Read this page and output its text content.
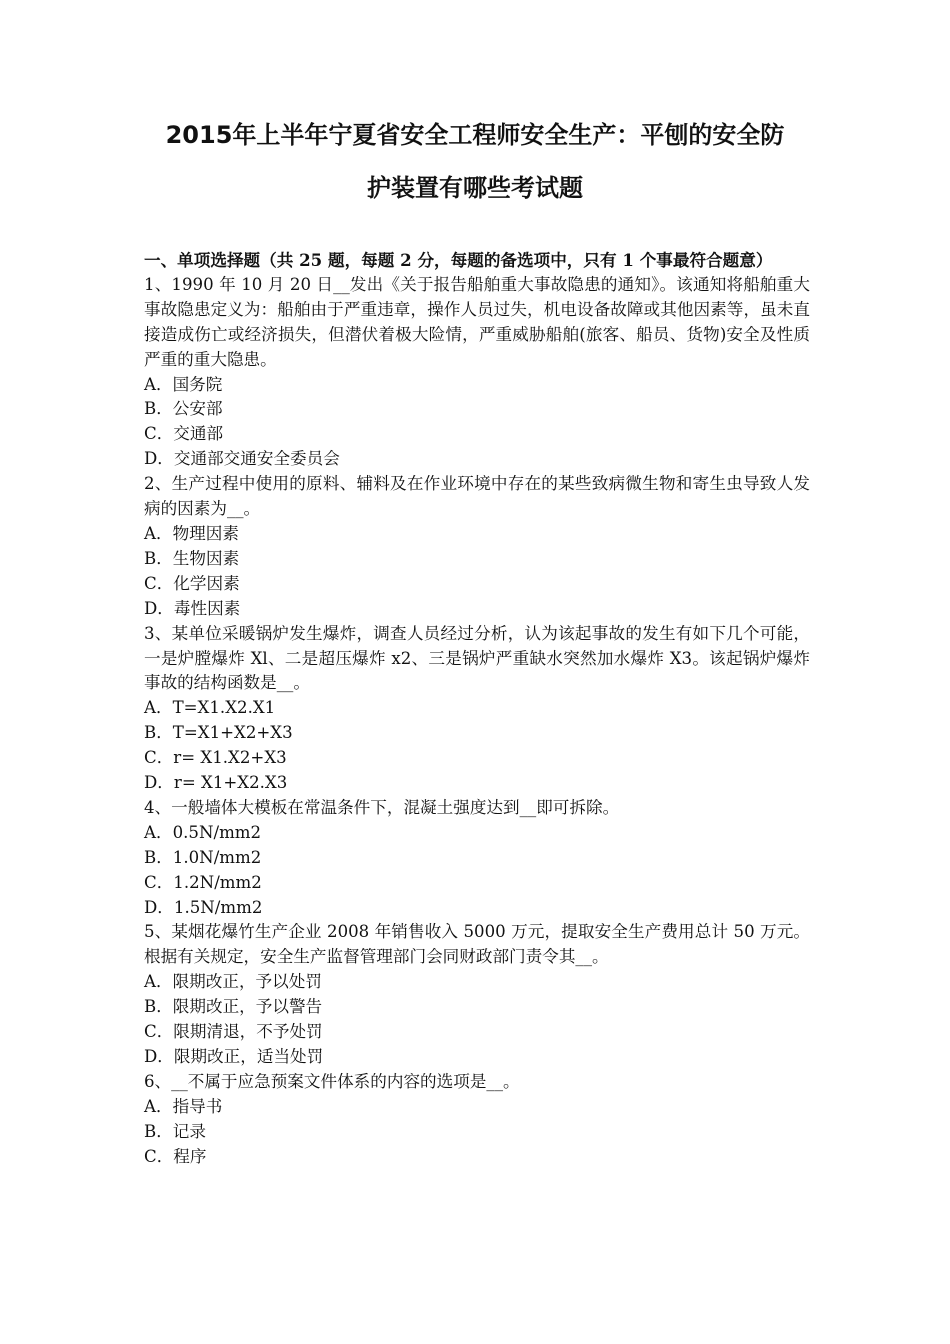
2015年上半年宁夏省安全工程师安全生产：平刨的安全防
护装置有哪些考试题

一、单项选择题（共 25 题，每题 2 分，每题的备选项中，只有 1 个事最符合题意）

1、1990 年 10 月 20 日__发出《关于报告船舶重大事故隐患的通知》。该通知将船舶重大事故隐患定义为：船舶由于严重违章，操作人员过失，机电设备故障或其他因素等，虽未直接造成伤亡或经济损失，但潜伏着极大险情，严重威胁船舶(旅客、船员、货物)安全及性质严重的重大隐患。

A．国务院

B．公安部

C．交通部

D．交通部交通安全委员会

2、生产过程中使用的原料、辅料及在作业环境中存在的某些致病微生物和寄生虫导致人发病的因素为__。

A．物理因素

B．生物因素

C．化学因素

D．毒性因素

3、某单位采暖锅炉发生爆炸，调查人员经过分析，认为该起事故的发生有如下几个可能，一是炉膛爆炸 Xl、二是超压爆炸 x2、三是锅炉严重缺水突然加水爆炸 X3。该起锅炉爆炸事故的结构函数是__。

A．T=X1.X2.X1

B．T=X1+X2+X3

C．r= X1.X2+X3

D．r= X1+X2.X3

4、一般墙体大模板在常温条件下，混凝土强度达到__即可拆除。

A．0.5N/mm2

B．1.0N/mm2

C．1.2N/mm2

D．1.5N/mm2

5、某烟花爆竹生产企业 2008 年销售收入 5000 万元，提取安全生产费用总计 50 万元。根据有关规定，安全生产监督管理部门会同财政部门责令其__。

A．限期改正，予以处罚

B．限期改正，予以警告

C．限期清退，不予处罚

D．限期改正，适当处罚

6、__不属于应急预案文件体系的内容的选项是__。

A．指导书

B．记录

C．程序
